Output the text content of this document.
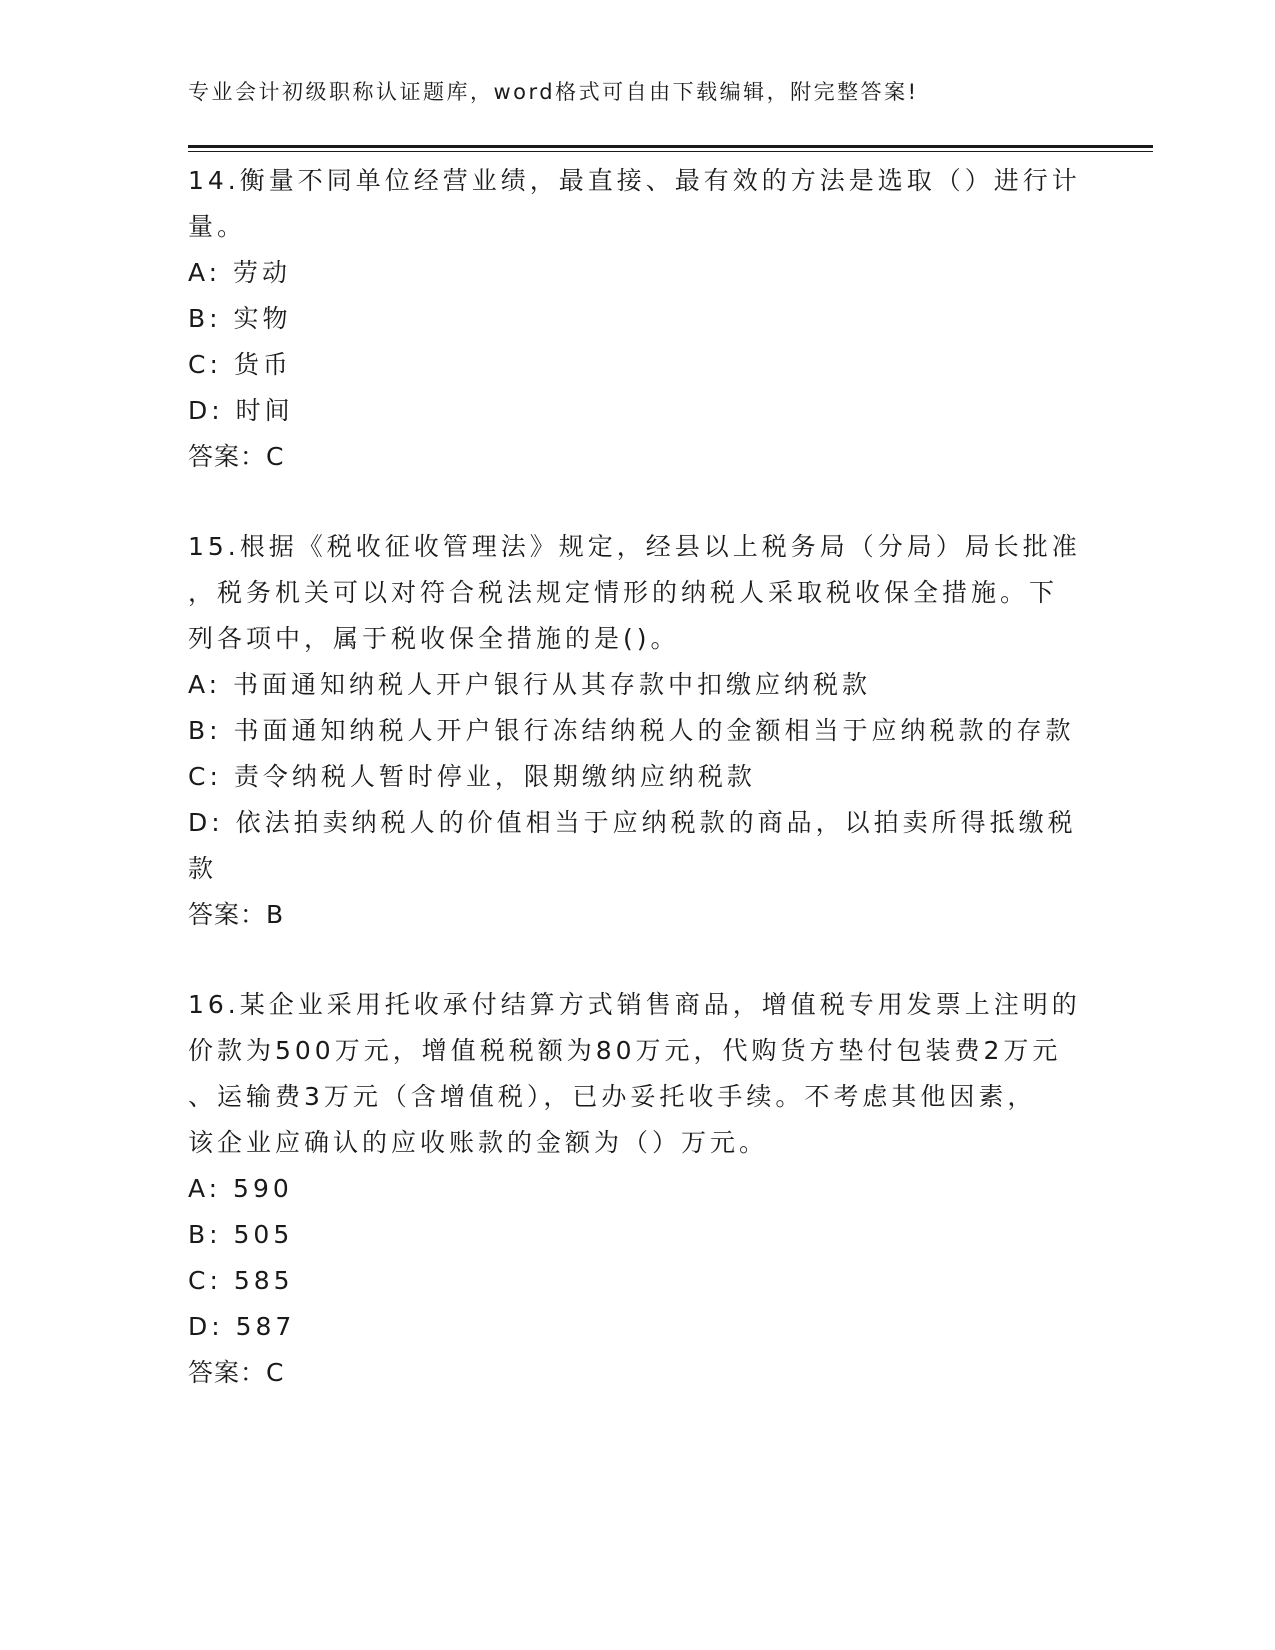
专业会计初级职称认证题库，word格式可自由下载编辑，附完整答案!
14.衡量不同单位经营业绩，最直接、最有效的方法是选取（）进行计
量。
A: 劳动
B: 实物
C: 货币
D: 时间
答案：C
15.根据《税收征收管理法》规定，经县以上税务局（分局）局长批准
，税务机关可以对符合税法规定情形的纳税人采取税收保全措施。下
列各项中，属于税收保全措施的是()。
A: 书面通知纳税人开户银行从其存款中扣缴应纳税款
B: 书面通知纳税人开户银行冻结纳税人的金额相当于应纳税款的存款
C: 责令纳税人暂时停业，限期缴纳应纳税款
D: 依法拍卖纳税人的价值相当于应纳税款的商品，以拍卖所得抵缴税
款
答案：B
16.某企业采用托收承付结算方式销售商品，增值税专用发票上注明的
价款为500万元，增值税税额为80万元，代购货方垫付包装费2万元
、运输费3万元（含增值税），已办妥托收手续。不考虑其他因素，
该企业应确认的应收账款的金额为（）万元。
A: 590
B: 505
C: 585
D: 587
答案：C
